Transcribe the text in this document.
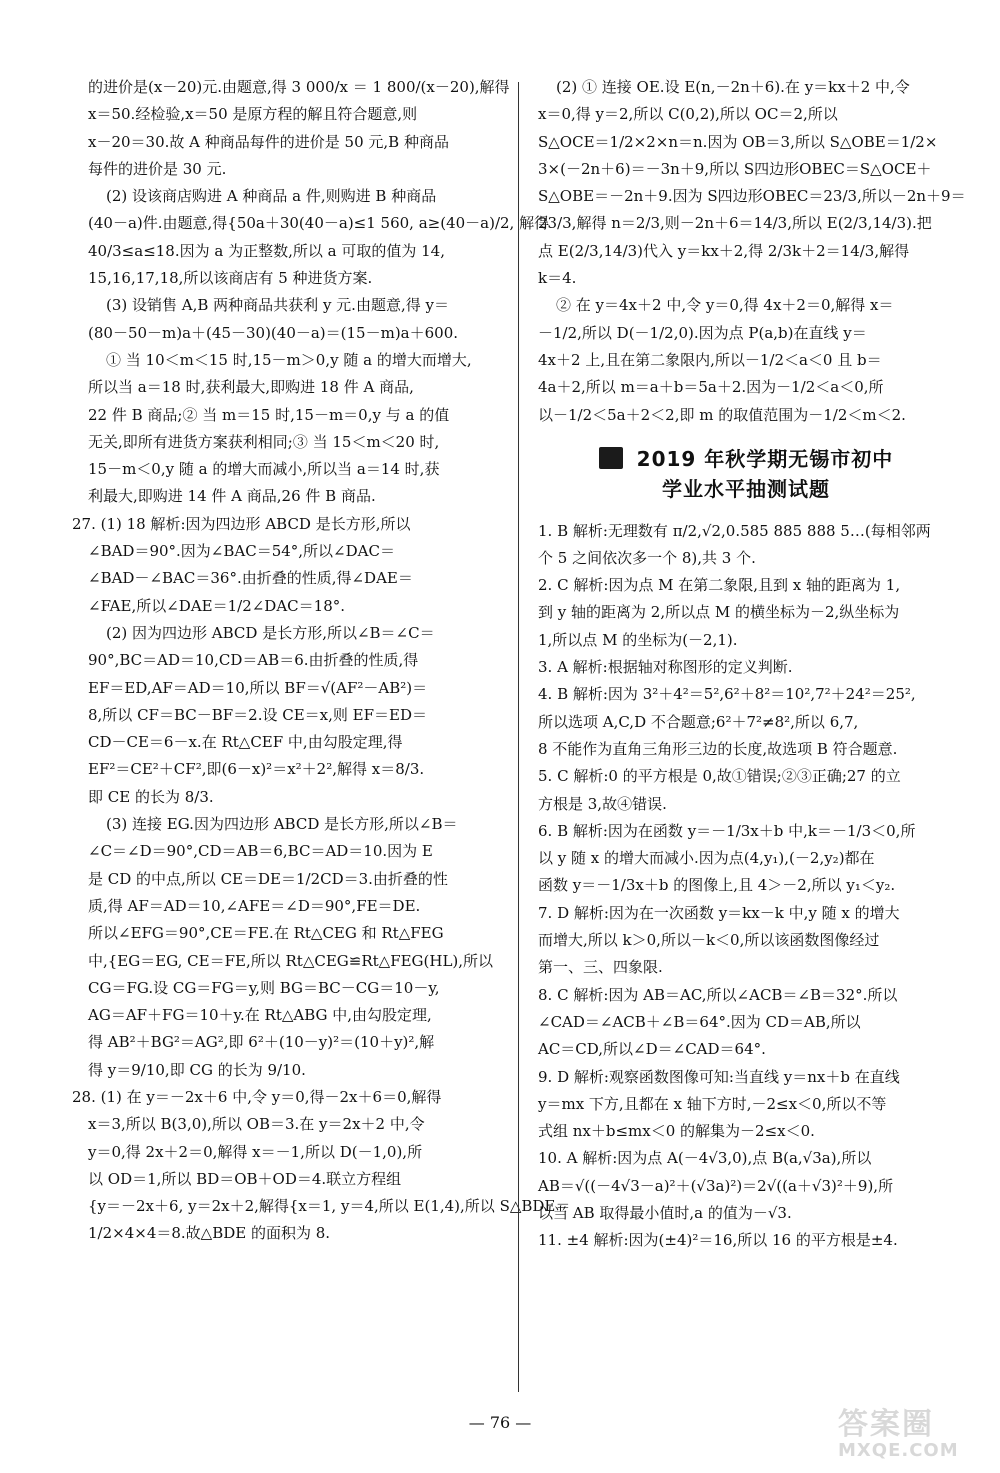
的进价是(x－20)元.由题意,得 3 000/x ＝ 1 800/(x－20),解得
x＝50.经检验,x＝50 是原方程的解且符合题意,则
x－20＝30.故 A 种商品每件的进价是 50 元,B 种商品
每件的进价是 30 元.
(2) 设该商店购进 A 种商品 a 件,则购进 B 种商品
(40－a)件.由题意,得{50a＋30(40－a)≤1 560, a≥(40－a)/2, 解得
40/3≤a≤18.因为 a 为正整数,所以 a 可取的值为 14,
15,16,17,18,所以该商店有 5 种进货方案.
(3) 设销售 A,B 两种商品共获利 y 元.由题意,得 y＝
(80－50－m)a＋(45－30)(40－a)＝(15－m)a＋600.
① 当 10＜m＜15 时,15－m＞0,y 随 a 的增大而增大,
所以当 a＝18 时,获利最大,即购进 18 件 A 商品,
22 件 B 商品;② 当 m＝15 时,15－m＝0,y 与 a 的值
无关,即所有进货方案获利相同;③ 当 15＜m＜20 时,
15－m＜0,y 随 a 的增大而减小,所以当 a＝14 时,获
利最大,即购进 14 件 A 商品,26 件 B 商品.
27. (1) 18 解析:因为四边形 ABCD 是长方形,所以
∠BAD＝90°.因为∠BAC＝54°,所以∠DAC＝
∠BAD－∠BAC＝36°.由折叠的性质,得∠DAE＝
∠FAE,所以∠DAE＝1/2∠DAC＝18°.
(2) 因为四边形 ABCD 是长方形,所以∠B＝∠C＝
90°,BC＝AD＝10,CD＝AB＝6.由折叠的性质,得
EF＝ED,AF＝AD＝10,所以 BF＝√(AF²－AB²)＝
8,所以 CF＝BC－BF＝2.设 CE＝x,则 EF＝ED＝
CD－CE＝6－x.在 Rt△CEF 中,由勾股定理,得
EF²＝CE²＋CF²,即(6－x)²＝x²＋2²,解得 x＝8/3.
即 CE 的长为 8/3.
(3) 连接 EG.因为四边形 ABCD 是长方形,所以∠B＝
∠C＝∠D＝90°,CD＝AB＝6,BC＝AD＝10.因为 E
是 CD 的中点,所以 CE＝DE＝1/2CD＝3.由折叠的性
质,得 AF＝AD＝10,∠AFE＝∠D＝90°,FE＝DE.
所以∠EFG＝90°,CE＝FE.在 Rt△CEG 和 Rt△FEG
中,{EG＝EG, CE＝FE,所以 Rt△CEG≌Rt△FEG(HL),所以
CG＝FG.设 CG＝FG＝y,则 BG＝BC－CG＝10－y,
AG＝AF＋FG＝10＋y.在 Rt△ABG 中,由勾股定理,
得 AB²＋BG²＝AG²,即 6²＋(10－y)²＝(10＋y)²,解
得 y＝9/10,即 CG 的长为 9/10.
28. (1) 在 y＝－2x＋6 中,令 y＝0,得－2x＋6＝0,解得
x＝3,所以 B(3,0),所以 OB＝3.在 y＝2x＋2 中,令
y＝0,得 2x＋2＝0,解得 x＝－1,所以 D(－1,0),所
以 OD＝1,所以 BD＝OB＋OD＝4.联立方程组
{y＝－2x＋6, y＝2x＋2,解得{x＝1, y＝4,所以 E(1,4),所以 S△BDE＝
1/2×4×4＝8.故△BDE 的面积为 8.
(2) ① 连接 OE.设 E(n,－2n＋6).在 y＝kx＋2 中,令
x＝0,得 y＝2,所以 C(0,2),所以 OC＝2,所以
S△OCE＝1/2×2×n＝n.因为 OB＝3,所以 S△OBE＝1/2×
3×(－2n＋6)＝－3n＋9,所以 S四边形OBEC＝S△OCE＋
S△OBE＝－2n＋9.因为 S四边形OBEC＝23/3,所以－2n＋9＝
23/3,解得 n＝2/3,则－2n＋6＝14/3,所以 E(2/3,14/3).把
点 E(2/3,14/3)代入 y＝kx＋2,得 2/3k＋2＝14/3,解得
k＝4.
② 在 y＝4x＋2 中,令 y＝0,得 4x＋2＝0,解得 x＝
－1/2,所以 D(－1/2,0).因为点 P(a,b)在直线 y＝
4x＋2 上,且在第二象限内,所以－1/2＜a＜0 且 b＝
4a＋2,所以 m＝a＋b＝5a＋2.因为－1/2＜a＜0,所
以－1/2＜5a＋2＜2,即 m 的取值范围为－1/2＜m＜2.
2019 年秋学期无锡市初中
学业水平抽测试题
1. B 解析:无理数有 π/2,√2,0.585 885 888 5…(每相邻两
个 5 之间依次多一个 8),共 3 个.
2. C 解析:因为点 M 在第二象限,且到 x 轴的距离为 1,
到 y 轴的距离为 2,所以点 M 的横坐标为－2,纵坐标为
1,所以点 M 的坐标为(－2,1).
3. A 解析:根据轴对称图形的定义判断.
4. B 解析:因为 3²＋4²＝5²,6²＋8²＝10²,7²＋24²＝25²,
所以选项 A,C,D 不合题意;6²＋7²≠8²,所以 6,7,
8 不能作为直角三角形三边的长度,故选项 B 符合题意.
5. C 解析:0 的平方根是 0,故①错误;②③正确;27 的立
方根是 3,故④错误.
6. B 解析:因为在函数 y＝－1/3x＋b 中,k＝－1/3＜0,所
以 y 随 x 的增大而减小.因为点(4,y₁),(－2,y₂)都在
函数 y＝－1/3x＋b 的图像上,且 4＞－2,所以 y₁＜y₂.
7. D 解析:因为在一次函数 y＝kx－k 中,y 随 x 的增大
而增大,所以 k＞0,所以－k＜0,所以该函数图像经过
第一、三、四象限.
8. C 解析:因为 AB＝AC,所以∠ACB＝∠B＝32°.所以
∠CAD＝∠ACB＋∠B＝64°.因为 CD＝AB,所以
AC＝CD,所以∠D＝∠CAD＝64°.
9. D 解析:观察函数图像可知:当直线 y＝nx＋b 在直线
y＝mx 下方,且都在 x 轴下方时,－2≤x＜0,所以不等
式组 nx＋b≤mx＜0 的解集为－2≤x＜0.
10. A 解析:因为点 A(－4√3,0),点 B(a,√3a),所以
AB＝√((－4√3－a)²＋(√3a)²)＝2√((a＋√3)²＋9),所
以当 AB 取得最小值时,a 的值为－√3.
11. ±4 解析:因为(±4)²＝16,所以 16 的平方根是±4.
— 76 —	答案圈
MXQE.COM
